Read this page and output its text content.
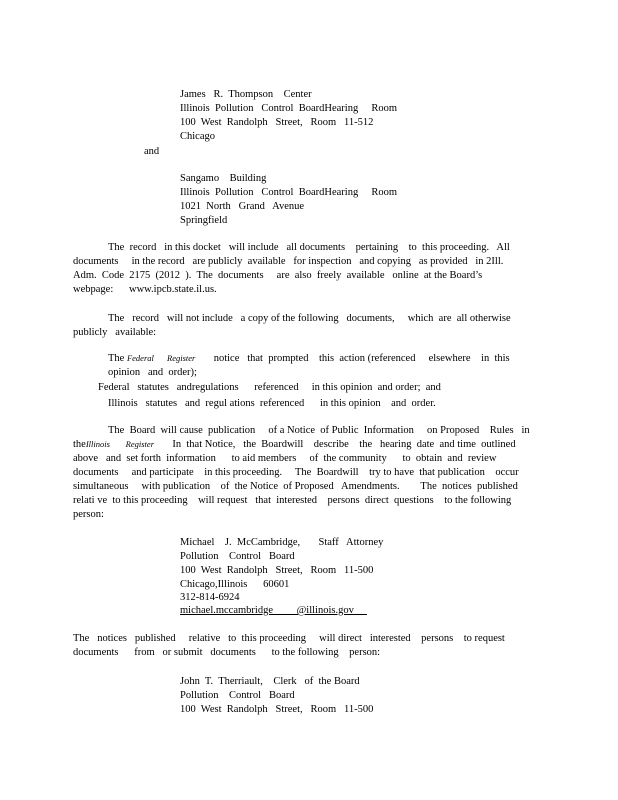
James   R.  Thompson    Center
Illinois  Pollution   Control  BoardHearing     Room
100  West  Randolph   Street,   Room   11-512
Chicago
and
Sangamo    Building
Illinois  Pollution   Control  BoardHearing     Room
1021  North   Grand   Avenue
Springfield
The  record   in this docket   will include   all documents    pertaining    to  this proceeding.   All
documents     in the record   are publicly  available   for inspection   and copying   as provided   in 2Ill.
Adm.  Code  2175  (2012  ).  The  documents     are  also  freely  available   online  at the Board’s
webpage:      www.ipcb.state.il.us.
The   record   will not include   a copy of the following   documents,     which  are  all otherwise
publicly   available:
The Federal Register       notice   that  prompted    this  action (referenced     elsewhere    in  this
opinion   and  order);
Federal   statutes   andregulations      referenced     in this opinion  and order;  and
Illinois   statutes   and  regul ations  referenced      in this opinion    and  order.
The  Board  will cause  publication     of a Notice  of Public  Information     on Proposed    Rules   in
theIllinois Register       In  that Notice,   the  Boardwill    describe    the   hearing  date  and time  outlined
above   and  set forth  information      to aid members     of  the community      to  obtain  and  review
documents     and participate    in this proceeding.     The  Boardwill    try to have  that publication    occur
simultaneous     with publication    of  the Notice  of Proposed   Amendments.        The  notices  published
relati ve  to this proceeding    will request   that  interested    persons  direct  questions    to the following
person:
Michael    J.  McCambridge,       Staff   Attorney
Pollution    Control   Board
100  West  Randolph   Street,   Room   11-500
Chicago,Illinois      60601
312-814-6924
michael.mccambridge         @illinois.gov
The   notices   published     relative   to  this proceeding     will direct   interested    persons    to request
documents      from   or submit   documents      to the following    person:
John  T.  Therriault,    Clerk   of  the Board
Pollution    Control   Board
100  West  Randolph   Street,   Room   11-500
